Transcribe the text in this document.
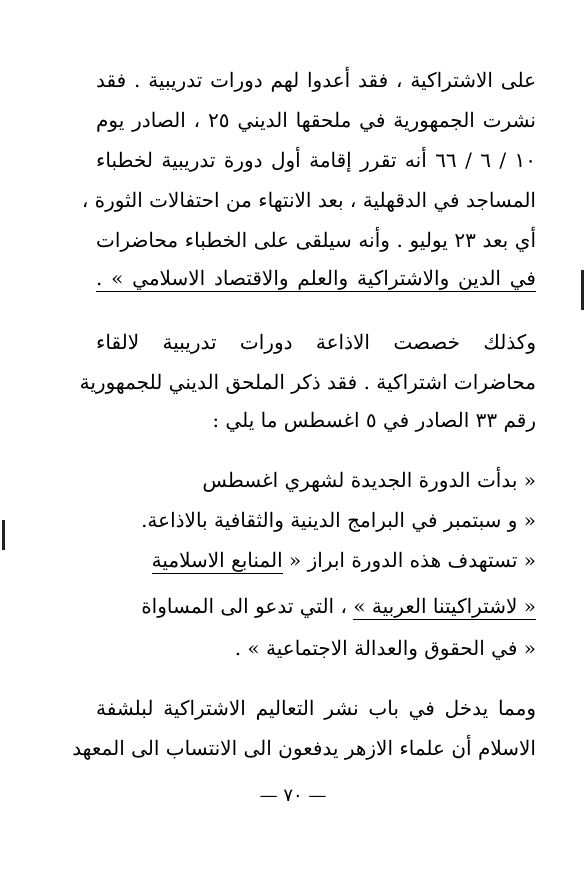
على الاشتراكية ، فقد أعدوا لهم دورات تدريبية . فقد
نشرت الجمهورية في ملحقها الديني ٢٥ ، الصادر يوم
١٠ / ٦ / ٦٦ أنه تقرر إقامة أول دورة تدريبية لخطباء
المساجد في الدقهلية ، بعد الانتهاء من احتفالات الثورة ،
أي بعد ٢٣ يوليو . وأنه سيلقى على الخطباء محاضرات
في الدين والاشتراكية والعلم والاقتصاد الاسلامي » .
وكذلك خصصت الاذاعة دورات تدريبية لالقاء
محاضرات اشتراكية . فقد ذكر الملحق الديني للجمهورية
رقم ٣٣ الصادر في ٥ اغسطس ما يلي :
« بدأت الدورة الجديدة لشهري اغسطس
« و سبتمبر في البرامج الدينية والثقافية بالاذاعة.
« تستهدف هذه الدورة ابراز « المنابع الاسلامية
« لاشتراكيتنا العربية » ، التي تدعو الى المساواة
« في الحقوق والعدالة الاجتماعية » .
ومما يدخل في باب نشر التعاليم الاشتراكية لبلشفة
الاسلام أن علماء الازهر يدفعون الى الانتساب الى المعهد
— ٧٠ —
